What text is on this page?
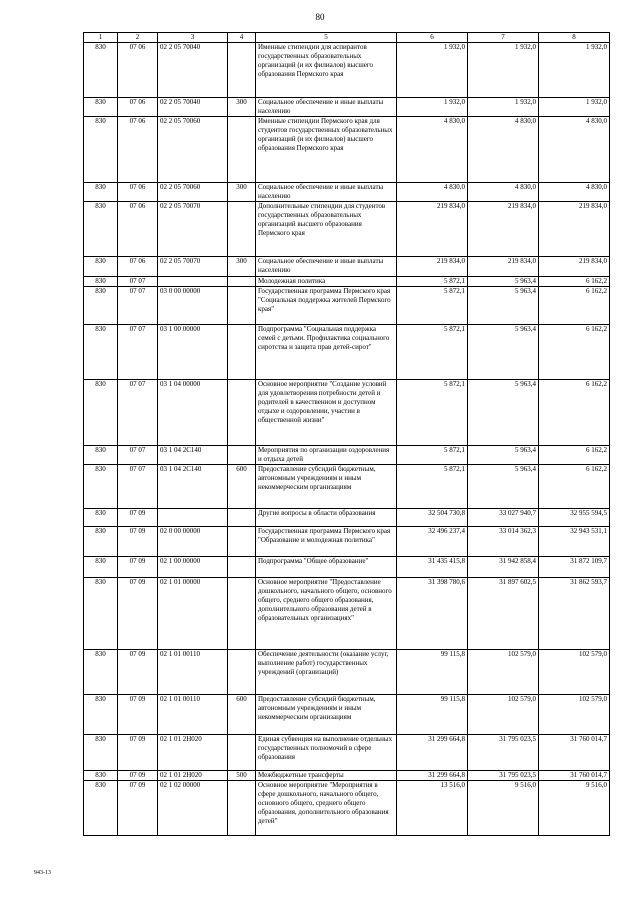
80
1	2	3	4	5	6	7	8
830	07 06	02 2 05 70040		Именные стипендии для аспирантов государственных образовательных организаций (и их филиалов) высшего образования Пермского края	1 932,0	1 932,0	1 932,0
830	07 06	02 2 05 70040	300	Социальное обеспечение и иные выплаты населению	1 932,0	1 932,0	1 932,0
830	07 06	02 2 05 70060		Именные стипендии Пермского края для студентов государственных образовательных организаций (и их филиалов) высшего образования Пермского края	4 830,0	4 830,0	4 830,0
830	07 06	02 2 05 70060	300	Социальное обеспечение и иные выплаты населению	4 830,0	4 830,0	4 830,0
830	07 06	02 2 05 70070		Дополнительные стипендии для студентов государственных образовательных организаций высшего образования Пермского края	219 834,0	219 834,0	219 834,0
830	07 06	02 2 05 70070	300	Социальное обеспечение и иные выплаты населению	219 834,0	219 834,0	219 834,0
830	07 07			Молодежная политика	5 872,1	5 963,4	6 162,2
830	07 07	03 0 00 00000		Государственная программа Пермского края "Социальная поддержка жителей Пермского края"	5 872,1	5 963,4	6 162,2
830	07 07	03 1 00 00000		Подпрограмма "Социальная поддержка семей с детьми. Профилактика социального сиротства и защита прав детей-сирот"	5 872,1	5 963,4	6 162,2
830	07 07	03 1 04 00000		Основное мероприятие "Создание условий для удовлетворения потребности детей и родителей в качественном и доступном отдыхе и оздоровлении, участии в общественной жизни"	5 872,1	5 963,4	6 162,2
830	07 07	03 1 04 2С140		Мероприятия по организации оздоровления и отдыха детей	5 872,1	5 963,4	6 162,2
830	07 07	03 1 04 2С140	600	Предоставление субсидий бюджетным, автономным учреждениям и иным некоммерческим организациям	5 872,1	5 963,4	6 162,2
830	07 09			Другие вопросы в области образования	32 504 730,8	33 027 940,7	32 955 594,5
830	07 09	02 0 00 00000		Государственная программа Пермского края "Образование и молодежная политика"	32 496 237,4	33 014 362,3	32 943 531,1
830	07 09	02 1 00 00000		Подпрограмма "Общее образование"	31 435 415,8	31 942 858,4	31 872 109,7
830	07 09	02 1 01 00000		Основное мероприятие "Предоставление дошкольного, начального общего, основного общего, среднего общего образования, дополнительного образования детей в образовательных организациях"	31 398 780,6	31 897 602,5	31 862 593,7
830	07 09	02 1 01 00110		Обеспечение деятельности (оказание услуг, выполнение работ) государственных учреждений (организаций)	99 115,8	102 579,0	102 579,0
830	07 09	02 1 01 00110	600	Предоставление субсидий бюджетным, автономным учреждениям и иным некоммерческим организациям	99 115,8	102 579,0	102 579,0
830	07 09	02 1 01 2Н020		Единая субвенция на выполнение отдельных государственных полномочий в сфере образования	31 299 664,8	31 795 023,5	31 760 014,7
830	07 09	02 1 01 2Н020	500	Межбюджетные трансферты	31 299 664,8	31 795 023,5	31 760 014,7
830	07 09	02 1 02 00000		Основное мероприятие "Мероприятия в сфере дошкольного, начального общего, основного общего, среднего общего образования, дополнительного образования детей"	13 516,0	9 516,0	9 516,0
943-13
